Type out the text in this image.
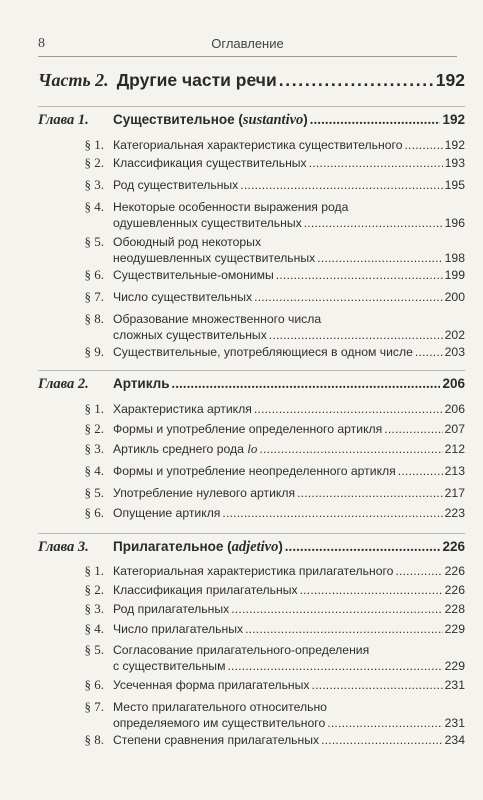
8	Оглавление
Часть 2. Другие части речи . . .	192
Глава 1.	Существительное (sustantivo) . . .	192
§ 1. Категориальная характеристика существительного . . .	192
§ 2. Классификация существительных . . .	193
§ 3. Род существительных . . .	195
§ 4. Некоторые особенности выражения рода
одушевленных существительных . . .	196
§ 5. Обоюдный род некоторых
неодушевленных существительных . . .	198
§ 6. Существительные-омонимы . . .	199
§ 7. Число существительных . . .	200
§ 8. Образование множественного числа
сложных существительных . . .	202
§ 9. Существительные, употребляющиеся в одном числе . . .	203
Глава 2.	Артикль . . .	206
§ 1. Характеристика артикля . . .	206
§ 2. Формы и употребление определенного артикля . . .	207
§ 3. Артикль среднего рода lo . . .	212
§ 4. Формы и употребление неопределенного артикля . . .	213
§ 5. Употребление нулевого артикля . . .	217
§ 6. Опущение артикля . . .	223
Глава 3.	Прилагательное (adjetivo) . . .	226
§ 1. Категориальная характеристика прилагательного . . .	226
§ 2. Классификация прилагательных . . .	226
§ 3. Род прилагательных . . .	228
§ 4. Число прилагательных . . .	229
§ 5. Согласование прилагательного-определения
с существительным . . .	229
§ 6. Усеченная форма прилагательных . . .	231
§ 7. Место прилагательного относительно
определяемого им существительного . . .	231
§ 8. Степени сравнения прилагательных . . .	234
